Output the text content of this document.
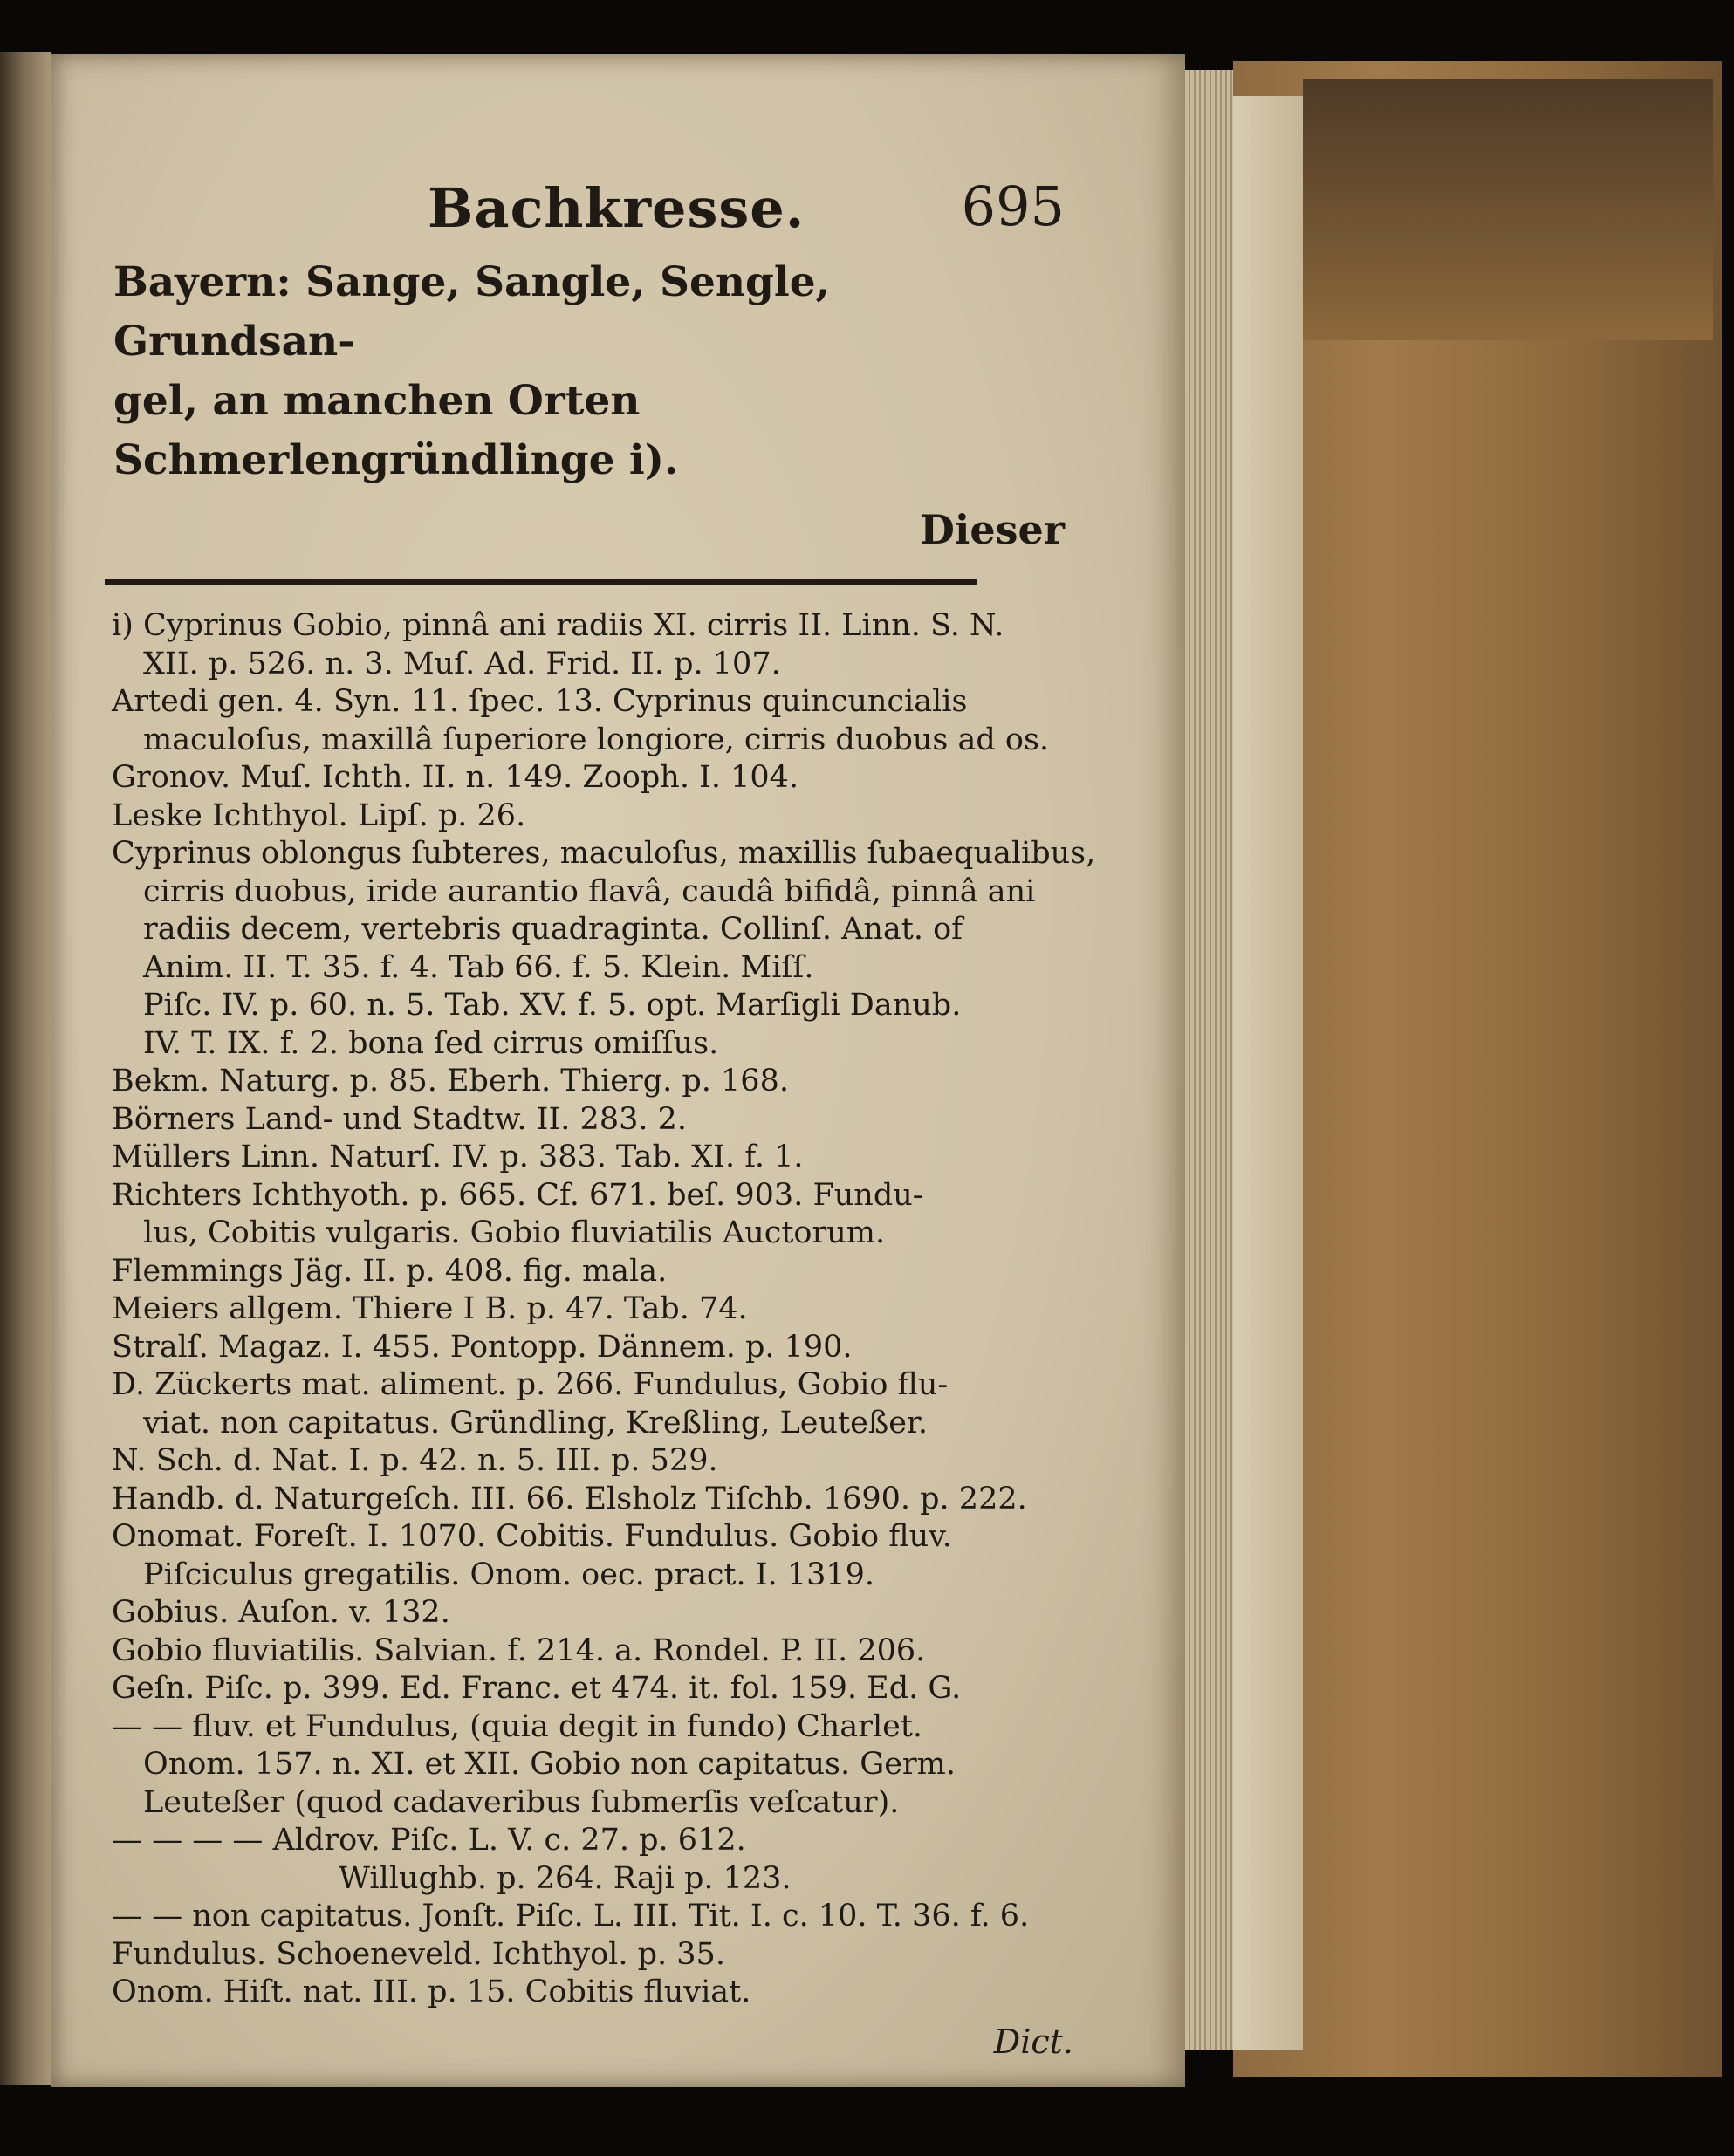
Bachkresse.	695
Bayern: Sange, Sangle, Sengle, Grundsan-
gel, an manchen Orten Schmerlengründlinge i).
Dieser
i) Cyprinus Gobio, pinnâ ani radiis XI. cirris II. Linn. S. N.
XII. p. 526. n. 3. Muſ. Ad. Frid. II. p. 107.
Artedi gen. 4. Syn. 11. ſpec. 13. Cyprinus quincuncialis
maculoſus, maxillâ ſuperiore longiore, cirris duobus ad os.
Gronov. Muſ. Ichth. II. n. 149. Zooph. I. 104.
Leske Ichthyol. Lipſ. p. 26.
Cyprinus oblongus ſubteres, maculoſus, maxillis ſubaequalibus,
cirris duobus, iride aurantio flavâ, caudâ bifidâ, pinnâ ani
radiis decem, vertebris quadraginta. Collinſ. Anat. of
Anim. II. T. 35. f. 4. Tab 66. f. 5. Klein. Miſſ.
Piſc. IV. p. 60. n. 5. Tab. XV. f. 5. opt. Marſigli Danub.
IV. T. IX. f. 2. bona ſed cirrus omiſſus.
Bekm. Naturg. p. 85. Eberh. Thierg. p. 168.
Börners Land- und Stadtw. II. 283. 2.
Müllers Linn. Naturſ. IV. p. 383. Tab. XI. f. 1.
Richters Ichthyoth. p. 665. Cf. 671. beſ. 903. Fundu-
lus, Cobitis vulgaris. Gobio fluviatilis Auctorum.
Flemmings Jäg. II. p. 408. fig. mala.
Meiers allgem. Thiere I B. p. 47. Tab. 74.
Stralſ. Magaz. I. 455. Pontopp. Dännem. p. 190.
D. Zückerts mat. aliment. p. 266. Fundulus, Gobio flu-
viat. non capitatus. Gründling, Kreßling, Leuteßer.
N. Sch. d. Nat. I. p. 42. n. 5. III. p. 529.
Handb. d. Naturgeſch. III. 66. Elsholz Tiſchb. 1690. p. 222.
Onomat. Foreſt. I. 1070. Cobitis. Fundulus. Gobio fluv.
Piſciculus gregatilis. Onom. oec. pract. I. 1319.
Gobius. Auſon. v. 132.
Gobio fluviatilis. Salvian. f. 214. a. Rondel. P. II. 206.
Geſn. Piſc. p. 399. Ed. Franc. et 474. it. fol. 159. Ed. G.
— — fluv. et Fundulus, (quia degit in fundo) Charlet.
Onom. 157. n. XI. et XII. Gobio non capitatus. Germ.
Leuteßer (quod cadaveribus ſubmerſis veſcatur).
— — — — Aldrov. Piſc. L. V. c. 27. p. 612.
Willughb. p. 264. Raji p. 123.
— — non capitatus. Jonſt. Piſc. L. III. Tit. I. c. 10. T. 36. f. 6.
Fundulus. Schoeneveld. Ichthyol. p. 35.
Onom. Hiſt. nat. III. p. 15. Cobitis fluviat.
Dict.
